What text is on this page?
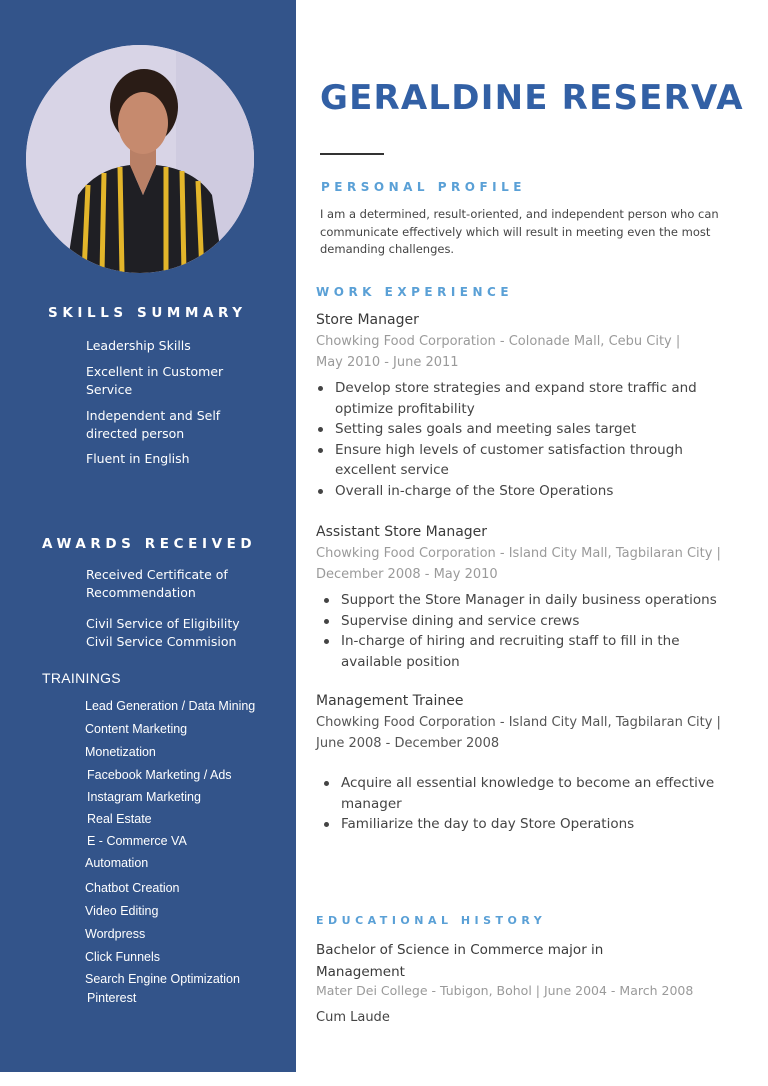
SKILLS SUMMARY
Leadership Skills
Excellent in Customer Service
Independent and Self directed person
Fluent in English
AWARDS RECEIVED
Received Certificate of Recommendation
Civil Service of Eligibility Civil Service Commision
TRAININGS
Lead Generation / Data Mining
Content Marketing
Monetization
Facebook Marketing / Ads
Instagram Marketing
Real Estate
E - Commerce VA
Automation
Chatbot Creation
Video Editing
Wordpress
Click Funnels
Search Engine Optimization
Pinterest
GERALDINE RESERVA
PERSONAL PROFILE
I am a determined, result-oriented, and independent person who can communicate effectively which will result in meeting even the most demanding challenges.
WORK EXPERIENCE
Store Manager
Chowking Food Corporation - Colonade Mall, Cebu City | May 2010 - June 2011
Develop store strategies and expand store traffic and optimize profitability
Setting sales goals and meeting sales target
Ensure high levels of customer satisfaction through excellent service
Overall in-charge of the Store Operations
Assistant Store Manager
Chowking Food Corporation - Island City Mall, Tagbilaran City | December 2008 - May 2010
Support the Store Manager in daily business operations
Supervise dining and service crews
In-charge of hiring and recruiting staff to fill in the available position
Management Trainee
Chowking Food Corporation - Island City Mall, Tagbilaran City | June 2008 - December 2008
Acquire all essential knowledge to become an effective manager
Familiarize the day to day Store Operations
EDUCATIONAL HISTORY
Bachelor of Science in Commerce major in Management
Mater Dei College - Tubigon, Bohol | June 2004 - March 2008
Cum Laude
